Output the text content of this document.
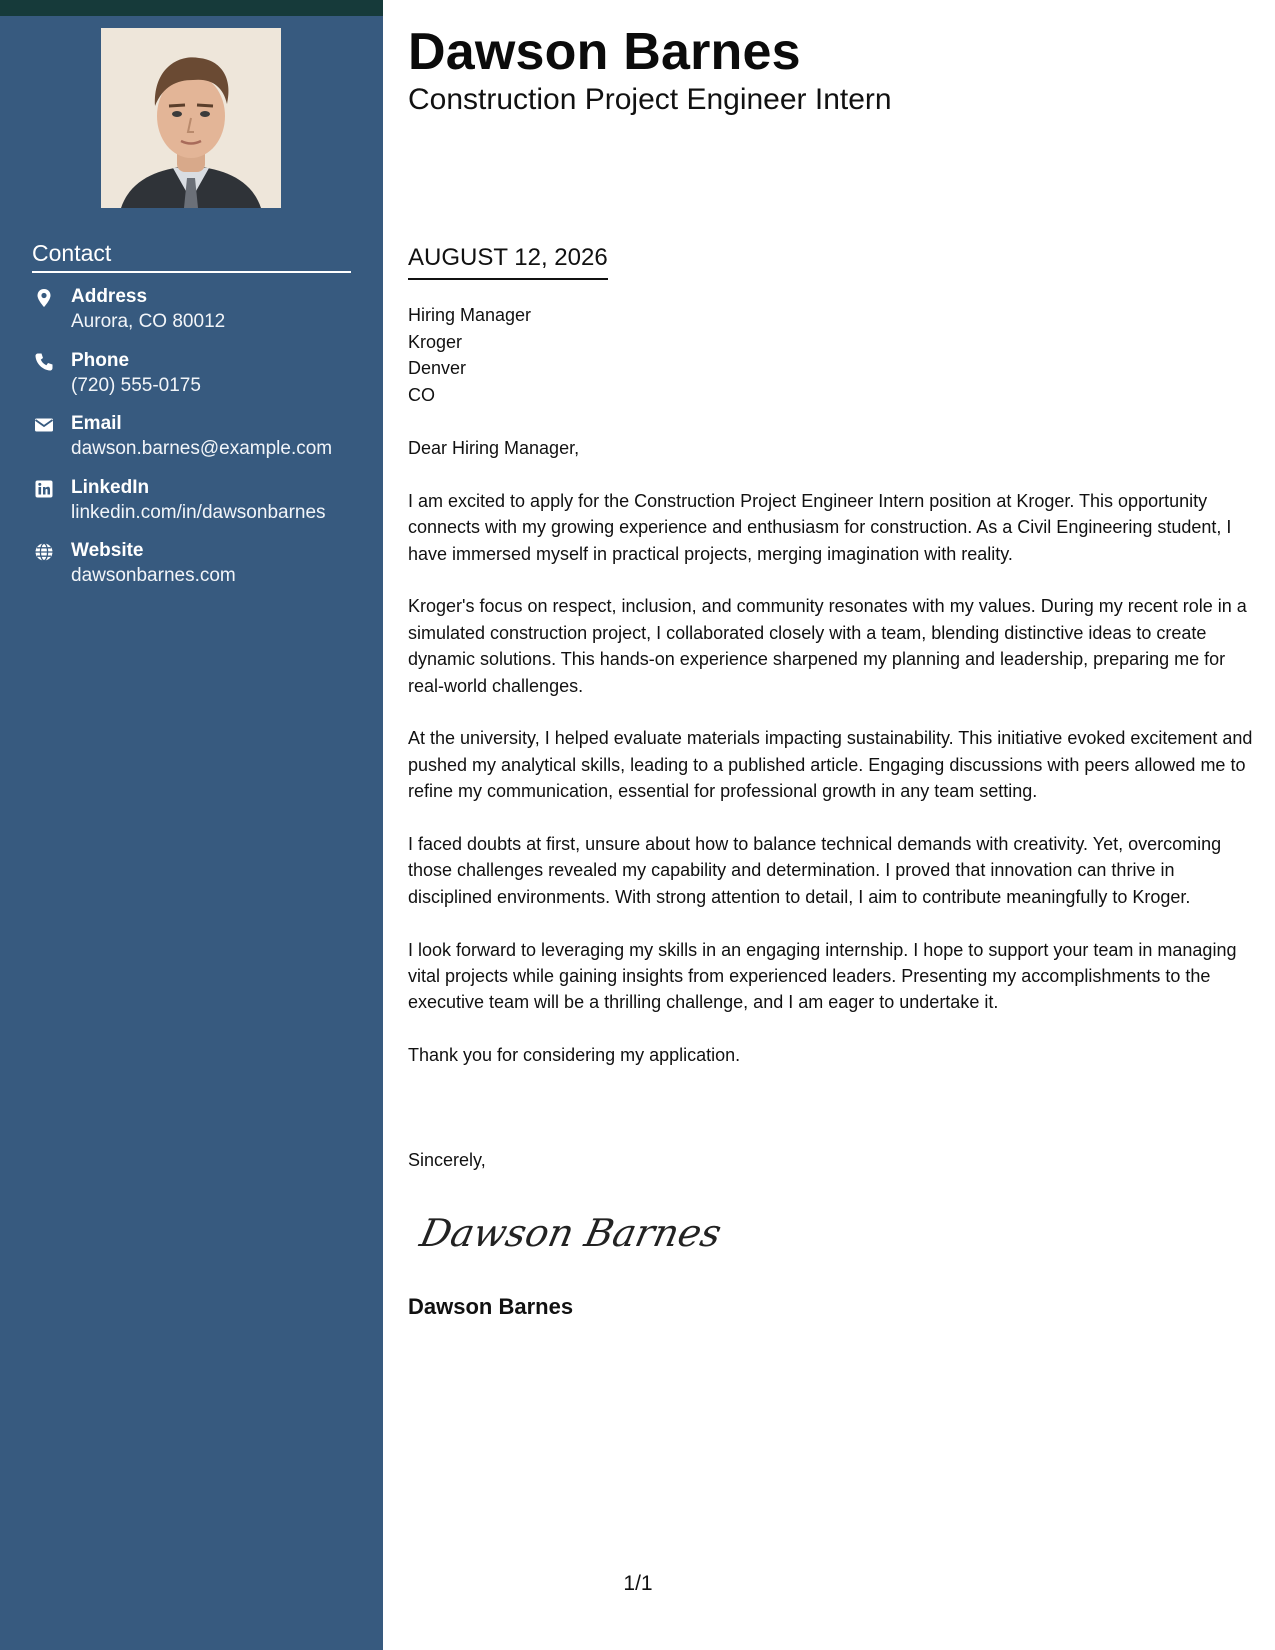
Contact
Address
Aurora, CO 80012
Phone
(720) 555-0175
Email
dawson.barnes@example.com
LinkedIn
linkedin.com/in/dawsonbarnes
Website
dawsonbarnes.com
Dawson Barnes
Construction Project Engineer Intern
AUGUST 12, 2026
Hiring Manager
Kroger
Denver
CO

Dear Hiring Manager,

I am excited to apply for the Construction Project Engineer Intern position at Kroger. This opportunity connects with my growing experience and enthusiasm for construction. As a Civil Engineering student, I have immersed myself in practical projects, merging imagination with reality.

Kroger's focus on respect, inclusion, and community resonates with my values. During my recent role in a simulated construction project, I collaborated closely with a team, blending distinctive ideas to create dynamic solutions. This hands-on experience sharpened my planning and leadership, preparing me for real-world challenges.

At the university, I helped evaluate materials impacting sustainability. This initiative evoked excitement and pushed my analytical skills, leading to a published article. Engaging discussions with peers allowed me to refine my communication, essential for professional growth in any team setting.

I faced doubts at first, unsure about how to balance technical demands with creativity. Yet, overcoming those challenges revealed my capability and determination. I proved that innovation can thrive in disciplined environments. With strong attention to detail, I aim to contribute meaningfully to Kroger.

I look forward to leveraging my skills in an engaging internship. I hope to support your team in managing vital projects while gaining insights from experienced leaders. Presenting my accomplishments to the executive team will be a thrilling challenge, and I am eager to undertake it.

Thank you for considering my application.

Sincerely,
Dawson Barnes
Dawson Barnes
1/1
